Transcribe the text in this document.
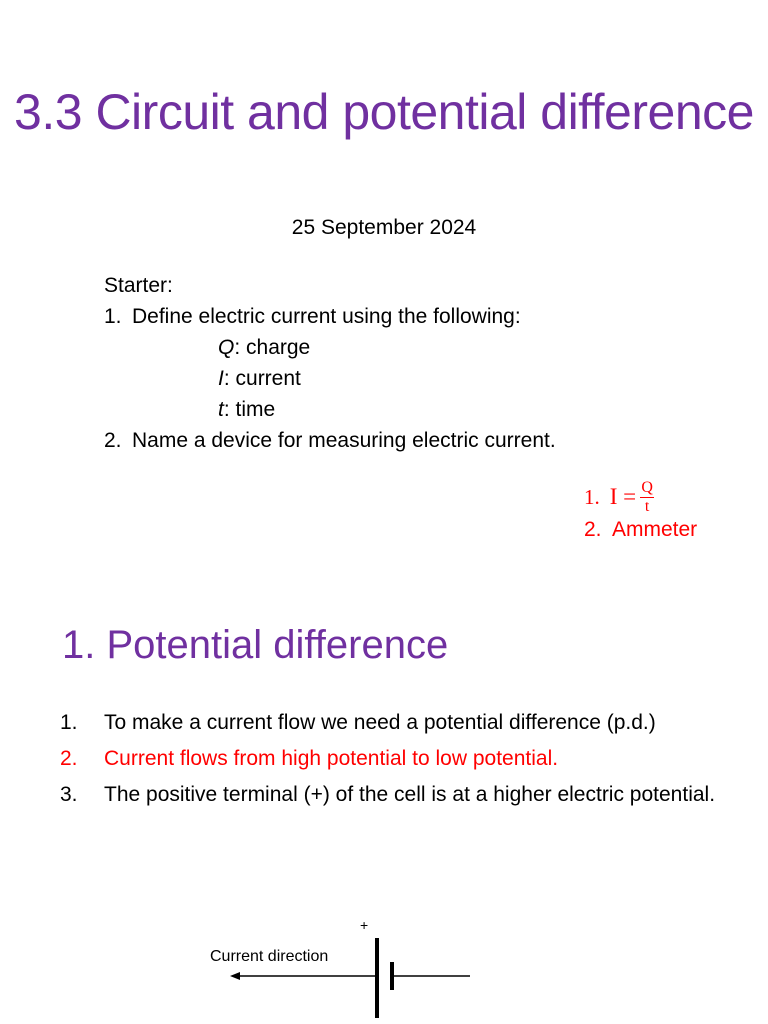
3.3 Circuit and potential difference
25 September 2024
Starter:
1. Define electric current using the following:
Q: charge
I: current
t: time
2. Name a device for measuring electric current.
1. $I = \frac{Q}{t}$
2. Ammeter
1. Potential difference
1.	To make a current flow we need a potential difference (p.d.)
2.	Current flows from high potential to low potential.
3.	The positive terminal (+) of the cell is at a higher electric potential.
+
Current direction
